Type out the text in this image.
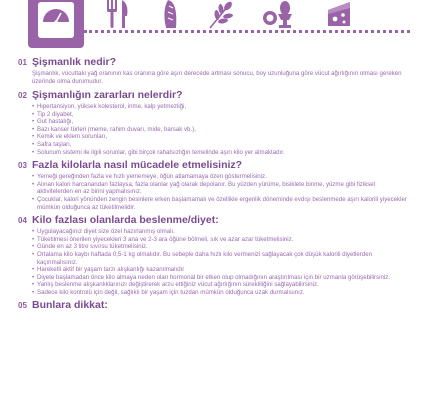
01 Şişmanlık nedir?

Şişmanlık, vücuttaki yağ oranının kas oranına göre aşırı derecede artması sonucu, boy uzunluğuna göre vücut ağırlığının olması gereken üzerinde olma durumudur.

02 Şişmanlığın zararları nelerdir?
• Hipertansiyon, yüksek kolesterol, inme, kalp yetmezliği,
• Tip 2 diyabet,
• Gut hastalığı,
• Bazı kanser türleri (meme, rahim duvarı, mide, barsak vb.),
• Kemik ve eklem sorunları,
• Safra taşları,
• Solunum sistemi ile ilgili sorunlar, gibi birçok rahatsızlığın temelinde aşırı kilo yer almaktadır.
03 Fazla kilolarla nasıl mücadele etmelisiniz?
• Yemeği gereğinden fazla ve hızlı yememeye, öğün atlamamaya özen göstermelisiniz.
• Alınan kalori harcanandan fazlaysa, fazla olanlar yağ olarak depolanır. Bu yüzden yürüme, bisiklete binme, yüzme gibi fiziksel aktivitelerden en az birini yapmalısınız.
• Çocuklar, kalori yönünden zengin besinlere erken başlamamalı ve özellikle ergenlik döneminde evdışı beslenmede aşırı kalorili yiyecekler mümkün olduğunca az tüketilmelidir.
04 Kilo fazlası olanlarda beslenme/diyet:
• Uygulayacağınız diyet size özel hazırlanmış olmalı.
• Tüketilmesi önerilen yiyecekleri 3 ana ve 2-3 ara öğüne bölmeli, sık ve azar azar tüketmelisiniz.
• Günde en az 3 litre sıvı/su tüketmelisiniz.
• Ortalama kilo kaybı haftada 0,5-1 kg olmalıdır. Bu sebeple daha hızlı kilo vermenizi sağlayacak çok düşük kalorili diyetlerden kaçınmalısınız.
• Hareketli aktif bir yaşam tarzı alışkanlığı kazanılmalıdır
• Diyete başlamadan önce kilo almaya neden olan hormonal bir etken olup olmadığının araştırılması için bir uzmanla görüşebilirsiniz.
• Yanlış beslenme alışkanlıklarınızı değiştirerek arzu ettiğiniz vücut ağırlığının sürekliliğini sağlayabilirsiniz.
• Sadece kilo kontrolü için değil, sağlıklı bir yaşam için tuzdan mümkün olduğunca uzak durmalısınız.
05 Bunlara dikkat:
